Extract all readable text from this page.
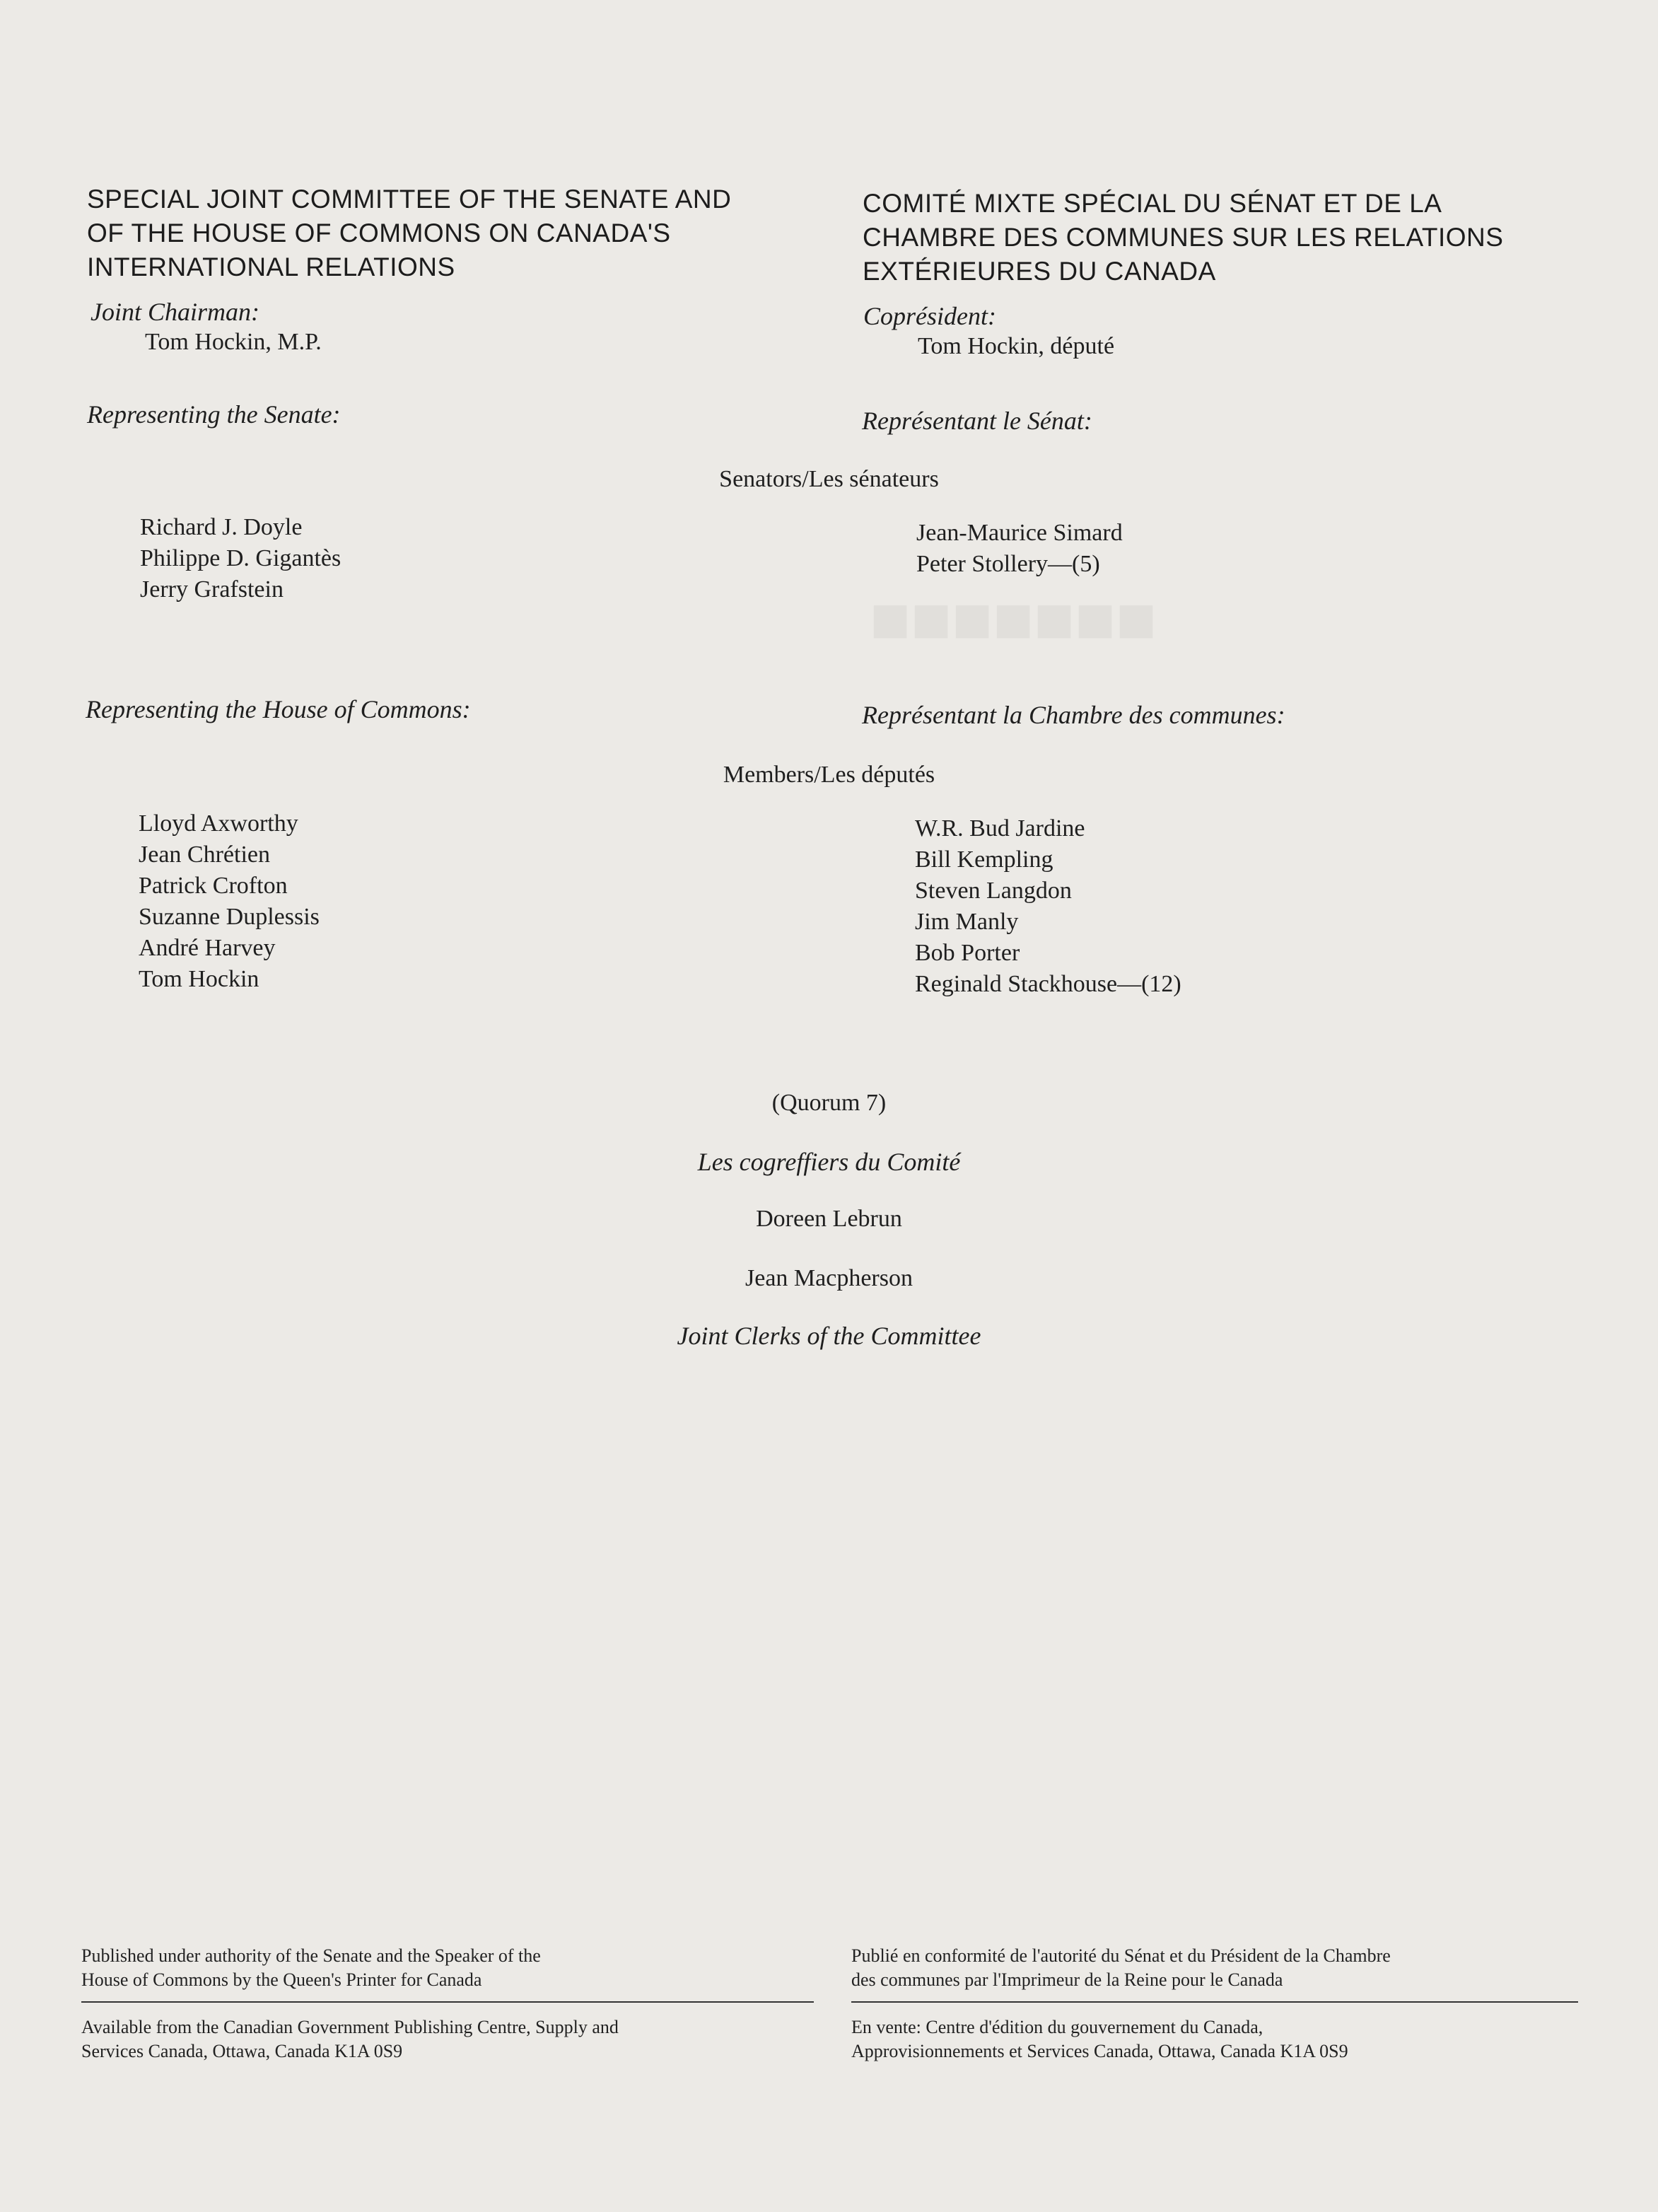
■■■■■■■
SPECIAL JOINT COMMITTEE OF THE SENATE AND
OF THE HOUSE OF COMMONS ON CANADA'S
INTERNATIONAL RELATIONS
Joint Chairman:
Tom Hockin, M.P.
Representing the Senate:
Richard J. Doyle
Philippe D. Gigantès
Jerry Grafstein
Representing the House of Commons:
Lloyd Axworthy
Jean Chrétien
Patrick Crofton
Suzanne Duplessis
André Harvey
Tom Hockin
COMITÉ MIXTE SPÉCIAL DU SÉNAT ET DE LA
CHAMBRE DES COMMUNES SUR LES RELATIONS
EXTÉRIEURES DU CANADA
Coprésident:
Tom Hockin, député
Représentant le Sénat:
Jean-Maurice Simard
Peter Stollery—(5)
Représentant la Chambre des communes:
W.R. Bud Jardine
Bill Kempling
Steven Langdon
Jim Manly
Bob Porter
Reginald Stackhouse—(12)
Senators/Les sénateurs
Members/Les députés
(Quorum 7)
Les cogreffiers du Comité
Doreen Lebrun
Jean Macpherson
Joint Clerks of the Committee
Published under authority of the Senate and the Speaker of the
House of Commons by the Queen's Printer for Canada
Available from the Canadian Government Publishing Centre, Supply and
Services Canada, Ottawa, Canada K1A 0S9
Publié en conformité de l'autorité du Sénat et du Président de la Chambre
des communes par l'Imprimeur de la Reine pour le Canada
En vente: Centre d'édition du gouvernement du Canada,
Approvisionnements et Services Canada, Ottawa, Canada K1A 0S9
